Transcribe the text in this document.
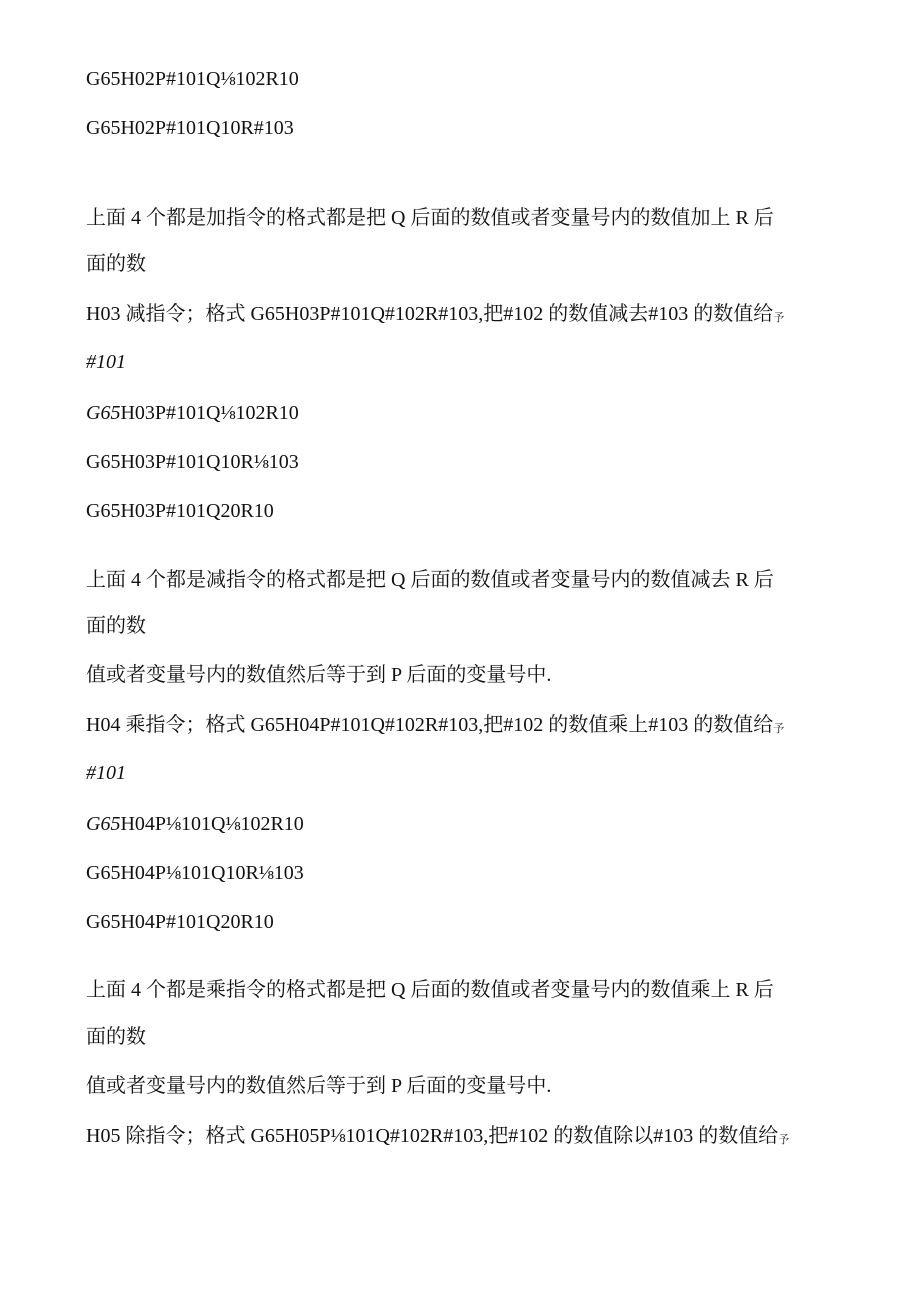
G65H02P#101Q⅛102R10
G65H02P#101Q10R#103
上面 4 个都是加指令的格式都是把 Q 后面的数值或者变量号内的数值加上 R 后
面的数
H03 减指令；格式 G65H03P#101Q#102R#103,把#102 的数值减去#103 的数值给予
#101
G65H03P#101Q⅛102R10
G65H03P#101Q10R⅛103
G65H03P#101Q20R10
上面 4 个都是减指令的格式都是把 Q 后面的数值或者变量号内的数值减去 R 后
面的数
值或者变量号内的数值然后等于到 P 后面的变量号中.
H04 乘指令；格式 G65H04P#101Q#102R#103,把#102 的数值乘上#103 的数值给予
#101
G65H04P⅛101Q⅛102R10
G65H04P⅛101Q10R⅛103
G65H04P#101Q20R10
上面 4 个都是乘指令的格式都是把 Q 后面的数值或者变量号内的数值乘上 R 后
面的数
值或者变量号内的数值然后等于到 P 后面的变量号中.
H05 除指令；格式 G65H05P⅛101Q#102R#103,把#102 的数值除以#103 的数值给予
